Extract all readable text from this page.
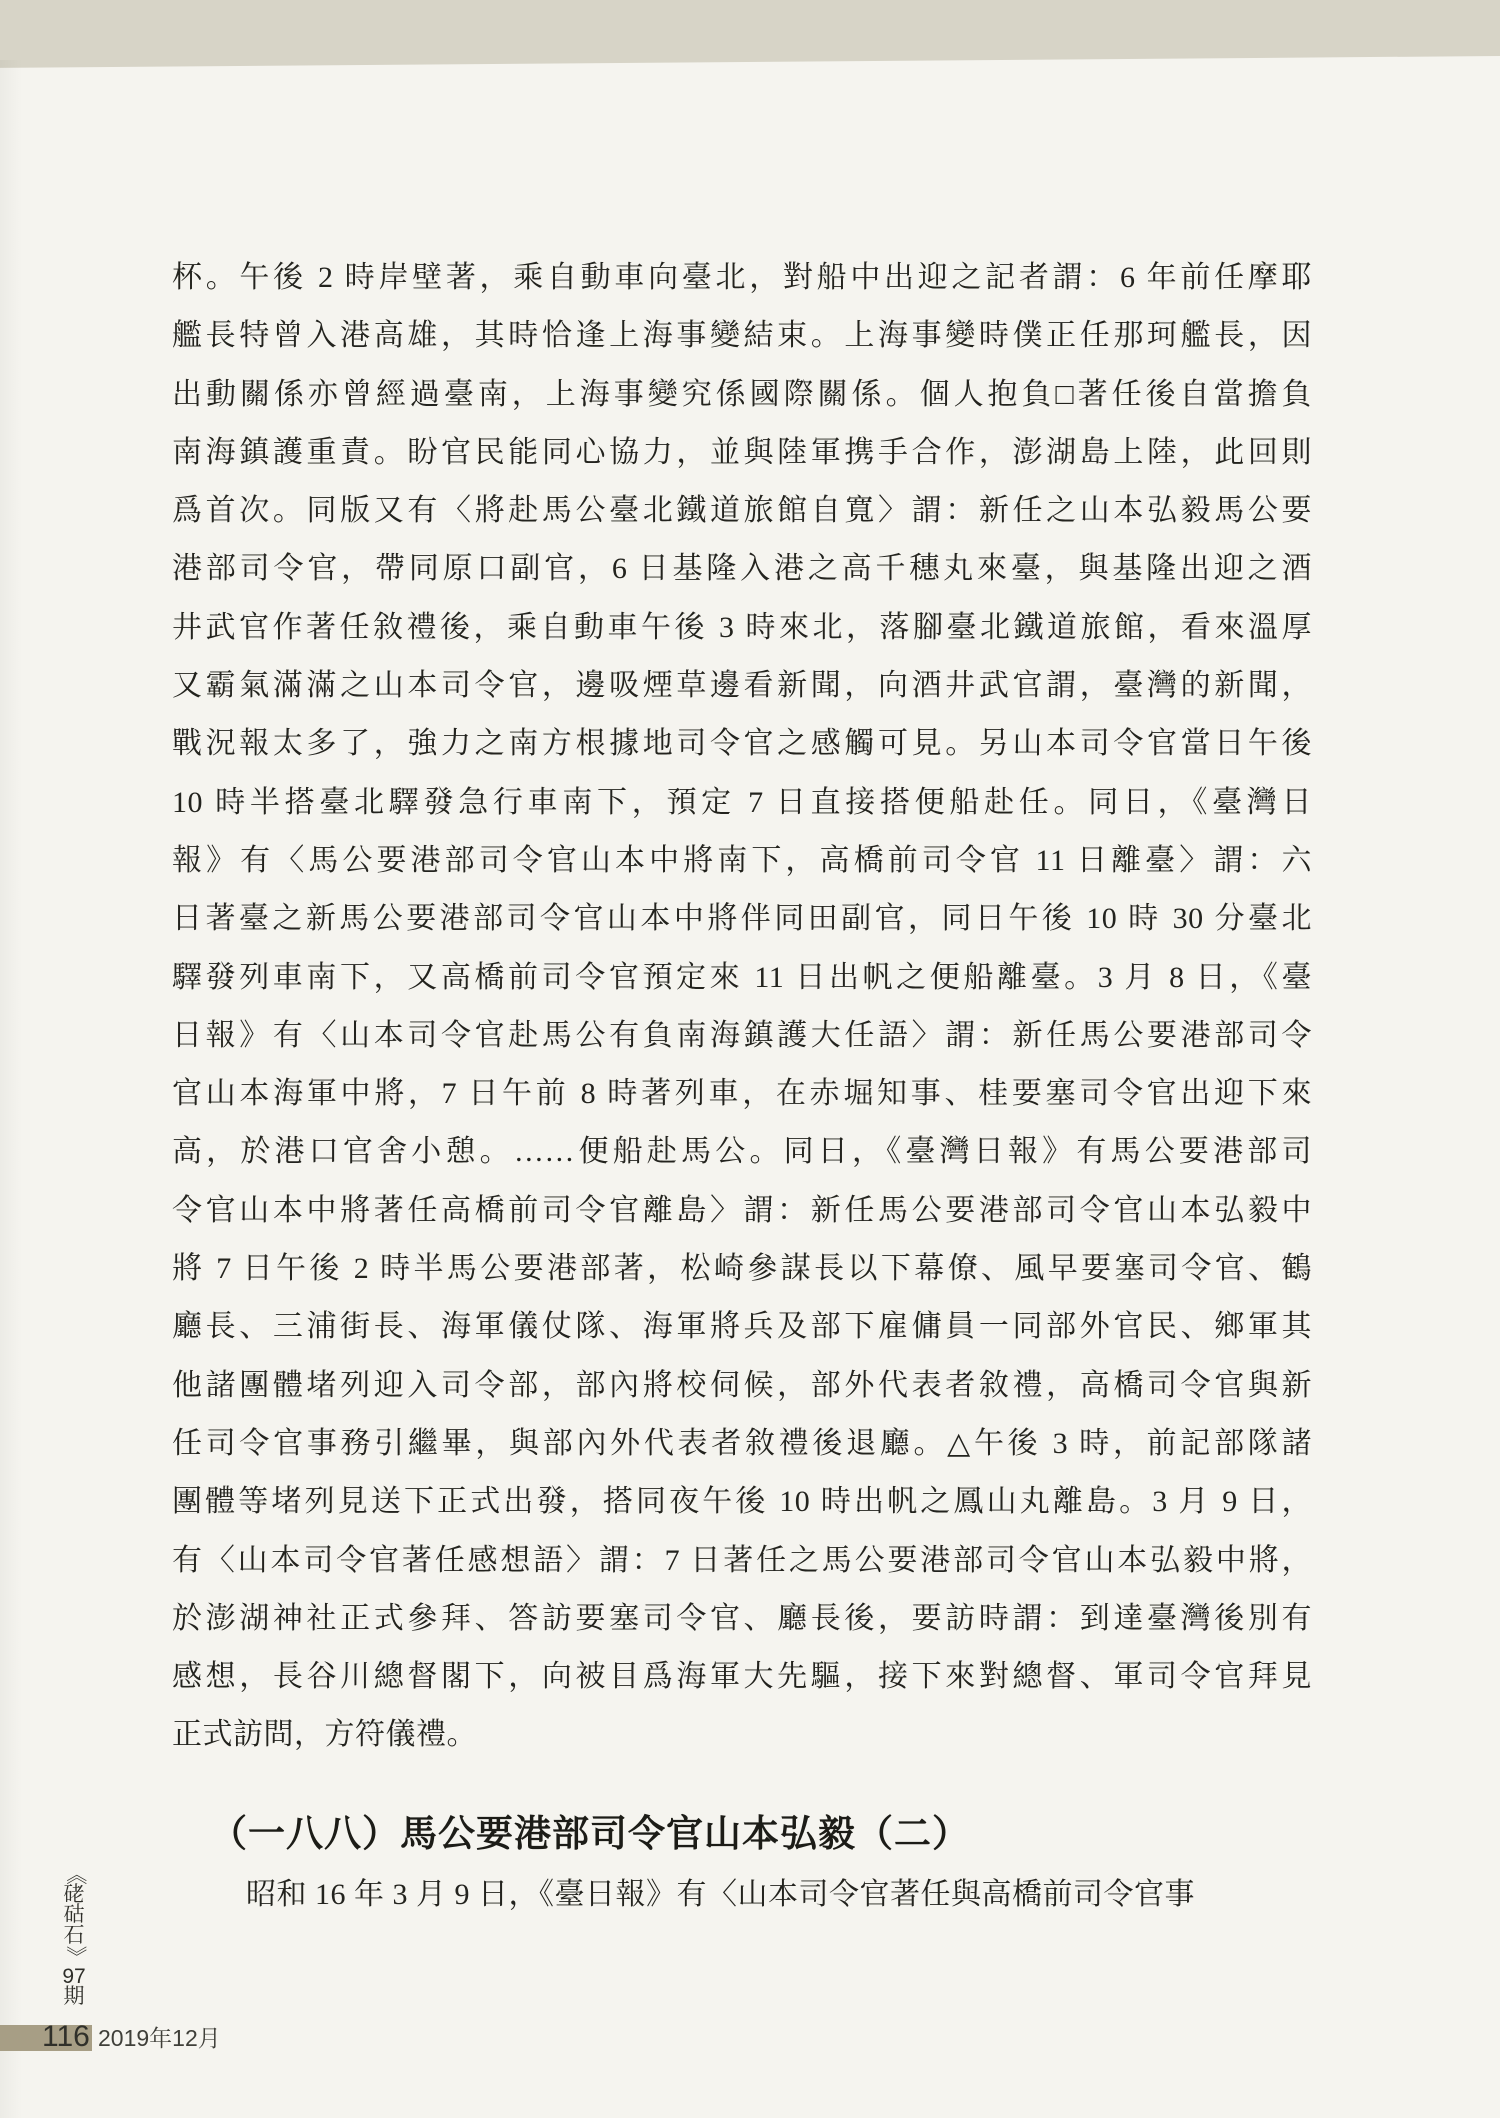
杯。午後 2 時岸壁著，乘自動車向臺北，對船中出迎之記者謂：6 年前任摩耶
艦長特曾入港高雄，其時恰逢上海事變結束。上海事變時僕正任那珂艦長，因
出動關係亦曾經過臺南，上海事變究係國際關係。個人抱負□著任後自當擔負
南海鎮護重責。盼官民能同心協力，並與陸軍携手合作，澎湖島上陸，此回則
爲首次。同版又有〈將赴馬公臺北鐵道旅館自寬〉謂：新任之山本弘毅馬公要
港部司令官，帶同原口副官，6 日基隆入港之高千穗丸來臺，與基隆出迎之酒
井武官作著任敘禮後，乘自動車午後 3 時來北，落腳臺北鐵道旅館，看來溫厚
又霸氣滿滿之山本司令官，邊吸煙草邊看新聞，向酒井武官謂，臺灣的新聞，
戰況報太多了，強力之南方根據地司令官之感觸可見。另山本司令官當日午後
10 時半搭臺北驛發急行車南下，預定 7 日直接搭便船赴任。同日，《臺灣日
報》有〈馬公要港部司令官山本中將南下，高橋前司令官 11 日離臺〉謂：六
日著臺之新馬公要港部司令官山本中將伴同田副官，同日午後 10 時 30 分臺北
驛發列車南下，又高橋前司令官預定來 11 日出帆之便船離臺。3 月 8 日，《臺
日報》有〈山本司令官赴馬公有負南海鎮護大任語〉謂：新任馬公要港部司令
官山本海軍中將，7 日午前 8 時著列車，在赤堀知事、桂要塞司令官出迎下來
高，於港口官舍小憩。……便船赴馬公。同日，《臺灣日報》有馬公要港部司
令官山本中將著任高橋前司令官離島〉謂：新任馬公要港部司令官山本弘毅中
將 7 日午後 2 時半馬公要港部著，松崎參謀長以下幕僚、風早要塞司令官、鶴
廳長、三浦街長、海軍儀仗隊、海軍將兵及部下雇傭員一同部外官民、鄉軍其
他諸團體堵列迎入司令部，部內將校伺候，部外代表者敘禮，高橋司令官與新
任司令官事務引繼畢，與部內外代表者敘禮後退廳。△午後 3 時，前記部隊諸
團體等堵列見送下正式出發，搭同夜午後 10 時出帆之鳳山丸離島。3 月 9 日，
有〈山本司令官著任感想語〉謂：7 日著任之馬公要港部司令官山本弘毅中將，
於澎湖神社正式參拜、答訪要塞司令官、廳長後，要訪時謂：到達臺灣後別有
感想，長谷川總督閣下，向被目爲海軍大先驅，接下來對總督、軍司令官拜見
正式訪問，方符儀禮。
（一八八）馬公要港部司令官山本弘毅（二）
昭和 16 年 3 月 9 日，《臺日報》有〈山本司令官著任與高橋前司令官事
《
硓
𥑮
石
》
97
期
116 2019年12月
